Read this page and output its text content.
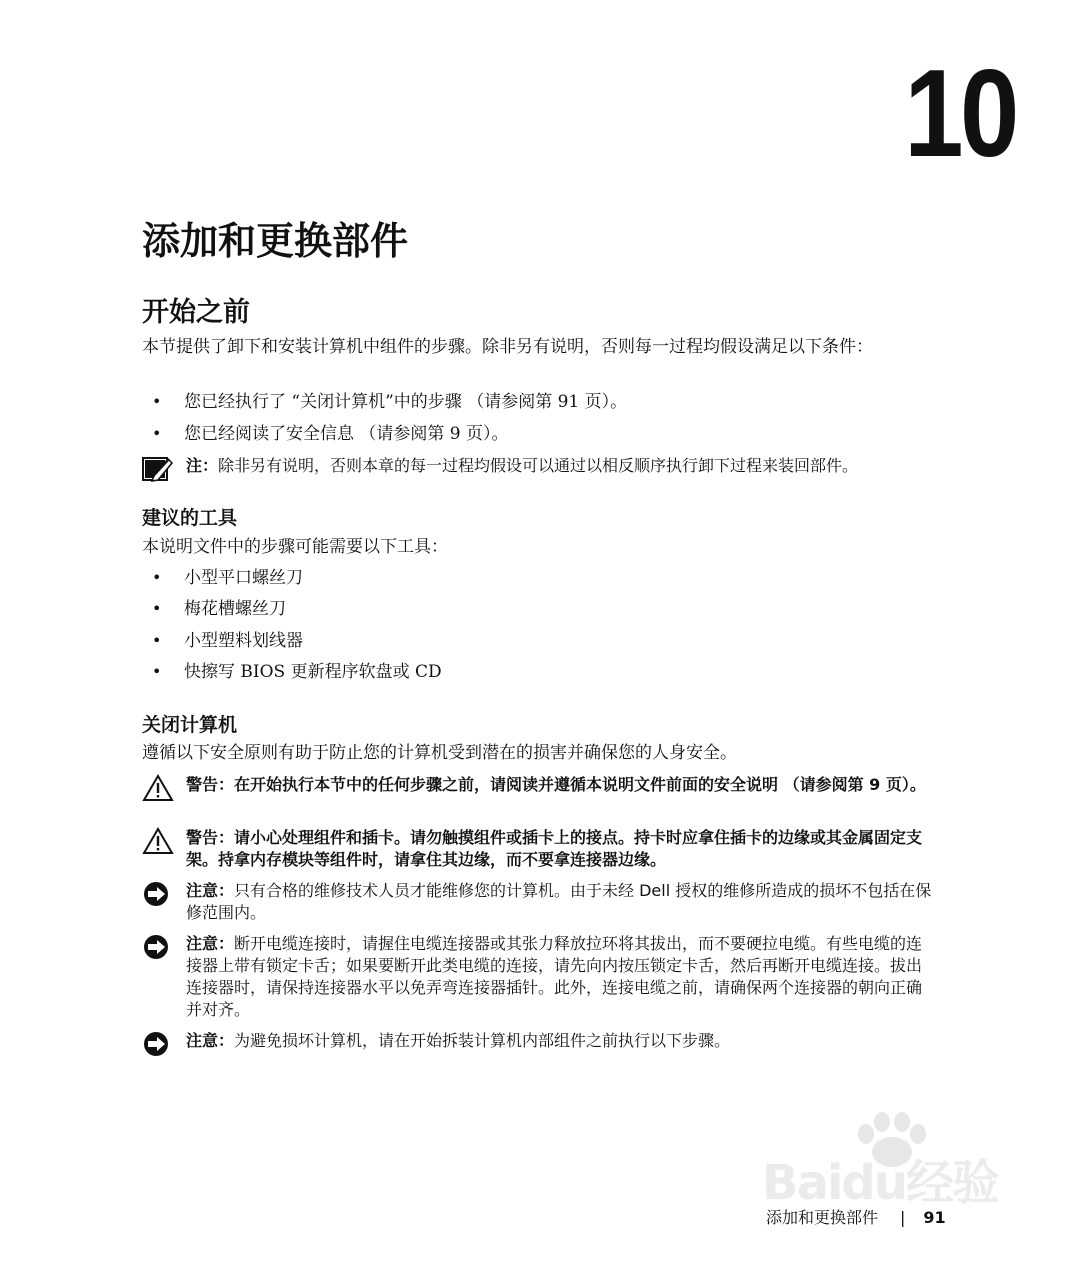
10
添加和更换部件
开始之前

本节提供了卸下和安装计算机中组件的步骤。除非另有说明，否则每一过程均假设满足以下条件：

• 您已经执行了 “关闭计算机”中的步骤 （请参阅第 91 页）。
• 您已经阅读了安全信息 （请参阅第 9 页）。
注：除非另有说明，否则本章的每一过程均假设可以通过以相反顺序执行卸下过程来装回部件。
建议的工具

本说明文件中的步骤可能需要以下工具：

• 小型平口螺丝刀
• 梅花槽螺丝刀
• 小型塑料划线器
• 快擦写 BIOS 更新程序软盘或 CD
关闭计算机

遵循以下安全原则有助于防止您的计算机受到潜在的损害并确保您的人身安全。

警告：在开始执行本节中的任何步骤之前，请阅读并遵循本说明文件前面的安全说明 （请参阅第 9 页）。
警告：请小心处理组件和插卡。请勿触摸组件或插卡上的接点。持卡时应拿住插卡的边缘或其金属固定支架。持拿内存模块等组件时，请拿住其边缘，而不要拿连接器边缘。
注意：只有合格的维修技术人员才能维修您的计算机。由于未经 Dell 授权的维修所造成的损坏不包括在保修范围内。
注意：断开电缆连接时，请握住电缆连接器或其张力释放拉环将其拔出，而不要硬拉电缆。有些电缆的连接器上带有锁定卡舌；如果要断开此类电缆的连接，请先向内按压锁定卡舌，然后再断开电缆连接。拔出连接器时，请保持连接器水平以免弄弯连接器插针。此外，连接电缆之前，请确保两个连接器的朝向正确并对齐。
注意：为避免损坏计算机，请在开始拆装计算机内部组件之前执行以下步骤。
Baidu经验
添加和更换部件 | 91
